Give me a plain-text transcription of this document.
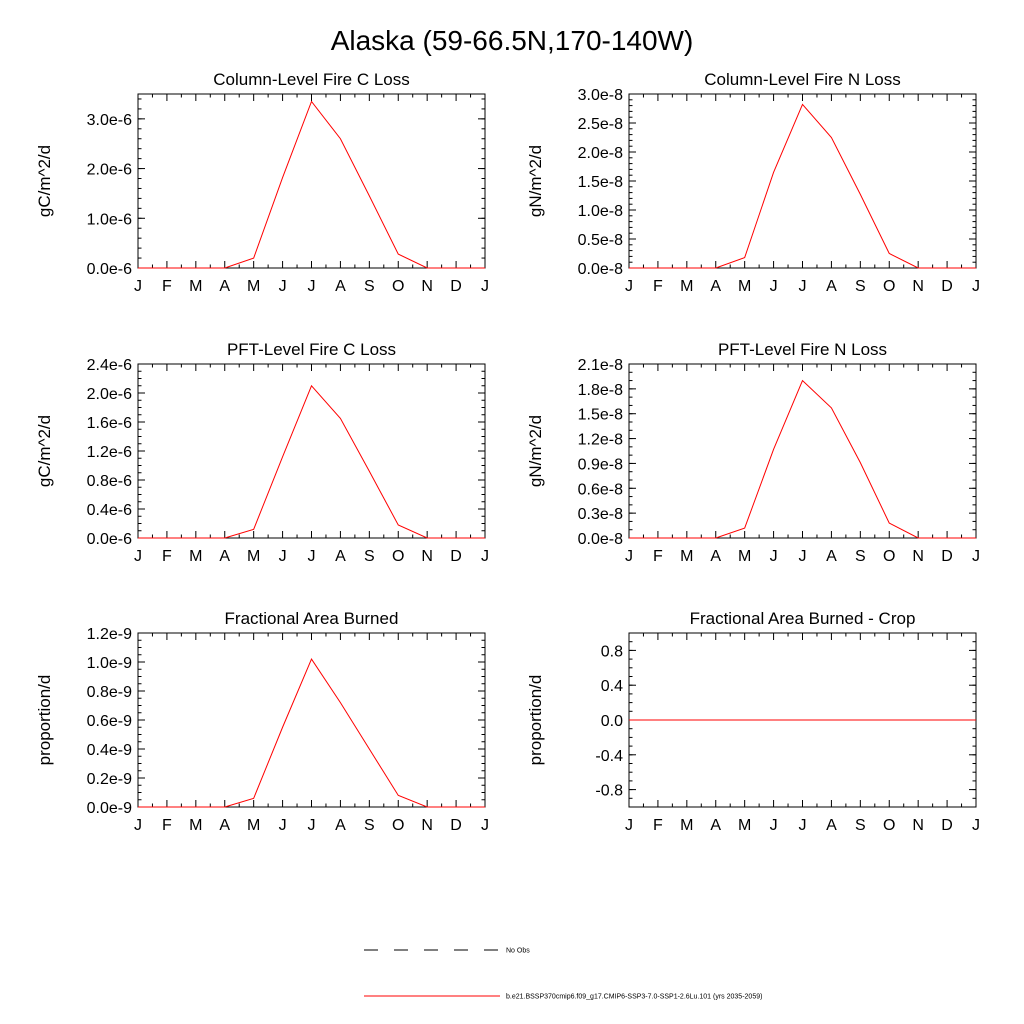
Alaska (59-66.5N,170-140W)
Column-Level Fire C Loss
gC/m^2/d
J F M A M J J A S O N D J
0.0e-6
1.0e-6
2.0e-6
3.0e-6
Column-Level Fire N Loss
gN/m^2/d
J F M A M J J A S O N D J
0.0e-8
0.5e-8
1.0e-8
1.5e-8
2.0e-8
2.5e-8
3.0e-8
PFT-Level Fire C Loss
gC/m^2/d
J F M A M J J A S O N D J
0.0e-6
0.4e-6
0.8e-6
1.2e-6
1.6e-6
2.0e-6
2.4e-6
PFT-Level Fire N Loss
gN/m^2/d
J F M A M J J A S O N D J
0.0e-8
0.3e-8
0.6e-8
0.9e-8
1.2e-8
1.5e-8
1.8e-8
2.1e-8
Fractional Area Burned
proportion/d
J F M A M J J A S O N D J
0.0e-9
0.2e-9
0.4e-9
0.6e-9
0.8e-9
1.0e-9
1.2e-9
Fractional Area Burned - Crop
proportion/d
J F M A M J J A S O N D J
-0.8
-0.4
0.0
0.4
0.8
No Obs
b.e21.BSSP370cmip6.f09_g17.CMIP6-SSP3-7.0-SSP1-2.6Lu.101 (yrs 2035-2059)
